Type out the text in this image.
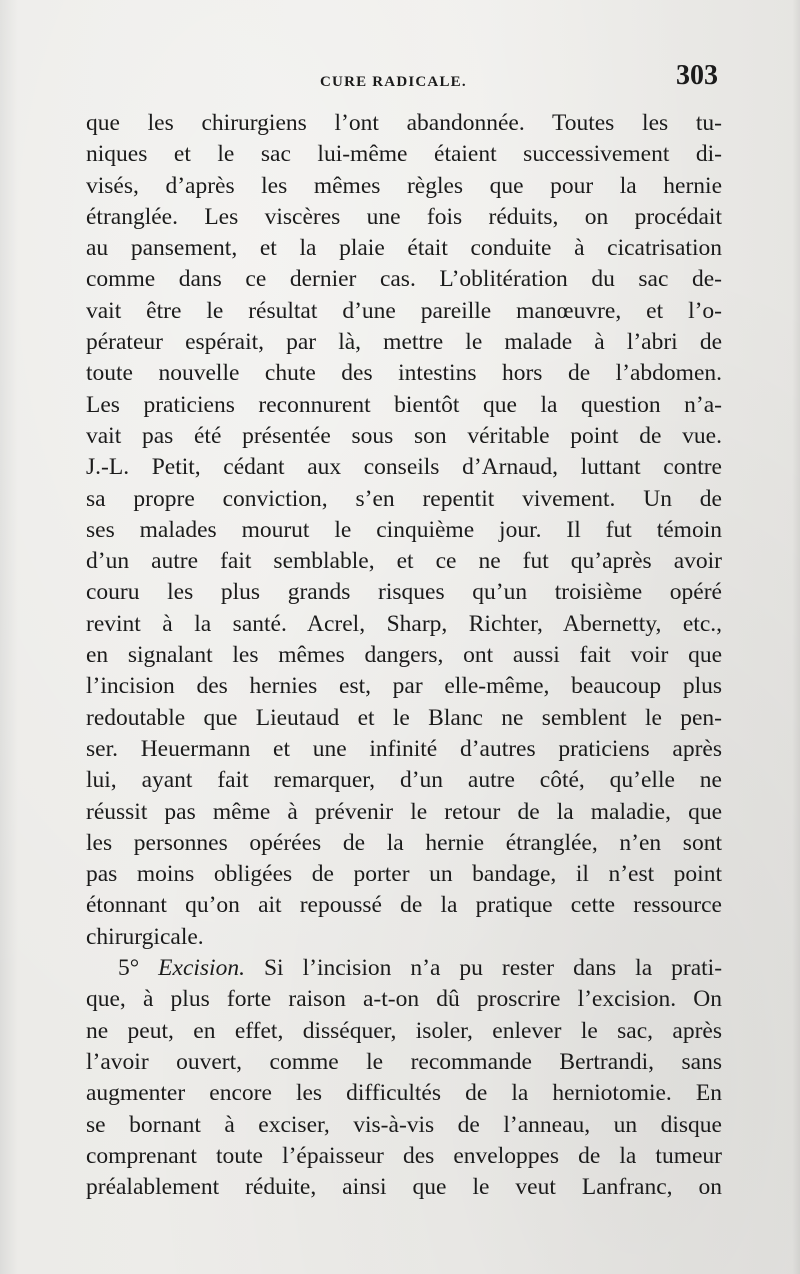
CURE RADICALE.	303
que les chirurgiens l’ont abandonnée. Toutes les tu-
niques et le sac lui-même étaient successivement di-
visés, d’après les mêmes règles que pour la hernie
étranglée. Les viscères une fois réduits, on procédait
au pansement, et la plaie était conduite à cicatrisation
comme dans ce dernier cas. L’oblitération du sac de-
vait être le résultat d’une pareille manœuvre, et l’o-
pérateur espérait, par là, mettre le malade à l’abri de
toute nouvelle chute des intestins hors de l’abdomen.
Les praticiens reconnurent bientôt que la question n’a-
vait pas été présentée sous son véritable point de vue.
J.-L. Petit, cédant aux conseils d’Arnaud, luttant contre
sa propre conviction, s’en repentit vivement. Un de
ses malades mourut le cinquième jour. Il fut témoin
d’un autre fait semblable, et ce ne fut qu’après avoir
couru les plus grands risques qu’un troisième opéré
revint à la santé. Acrel, Sharp, Richter, Abernetty, etc.,
en signalant les mêmes dangers, ont aussi fait voir que
l’incision des hernies est, par elle-même, beaucoup plus
redoutable que Lieutaud et le Blanc ne semblent le pen-
ser. Heuermann et une infinité d’autres praticiens après
lui, ayant fait remarquer, d’un autre côté, qu’elle ne
réussit pas même à prévenir le retour de la maladie, que
les personnes opérées de la hernie étranglée, n’en sont
pas moins obligées de porter un bandage, il n’est point
étonnant qu’on ait repoussé de la pratique cette ressource
chirurgicale.
5° Excision. Si l’incision n’a pu rester dans la prati-
que, à plus forte raison a-t-on dû proscrire l’excision. On
ne peut, en effet, disséquer, isoler, enlever le sac, après
l’avoir ouvert, comme le recommande Bertrandi, sans
augmenter encore les difficultés de la herniotomie. En
se bornant à exciser, vis-à-vis de l’anneau, un disque
comprenant toute l’épaisseur des enveloppes de la tumeur
préalablement réduite, ainsi que le veut Lanfranc, on
